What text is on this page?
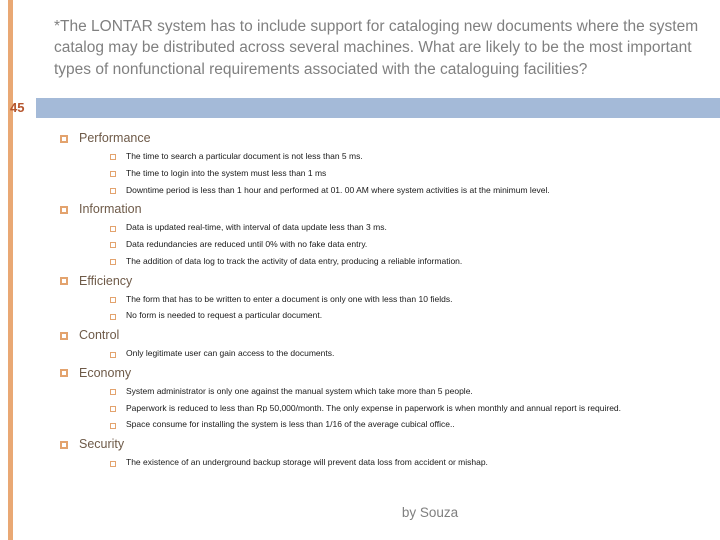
*The LONTAR system has to include support for cataloging new documents where the system catalog may be distributed across several machines. What are likely to be the most important types of nonfunctional requirements associated with the cataloguing facilities?
45
Performance
The time to search a particular document is not less than 5 ms.
The time to login into the system must less than 1 ms
Downtime period is less than 1 hour and performed at 01. 00 AM where system activities is at the minimum level.
Information
Data is updated real-time, with interval of data update less than 3 ms.
Data redundancies are reduced until 0% with no fake data entry.
The addition of data log to track the activity of data entry, producing a reliable information.
Efficiency
The form that has to be written to enter a document is only one with less than 10 fields.
No form is needed to request a particular document.
Control
Only legitimate user can gain access to the documents.
Economy
System administrator is only one against the manual system which take more than 5 people.
Paperwork is reduced to less than Rp 50,000/month. The only expense in paperwork is when monthly and annual report is required.
Space consume for installing the system is less than 1/16 of the average cubical office..
Security
The existence of an underground backup storage will prevent data loss from accident or mishap.
by Souza
